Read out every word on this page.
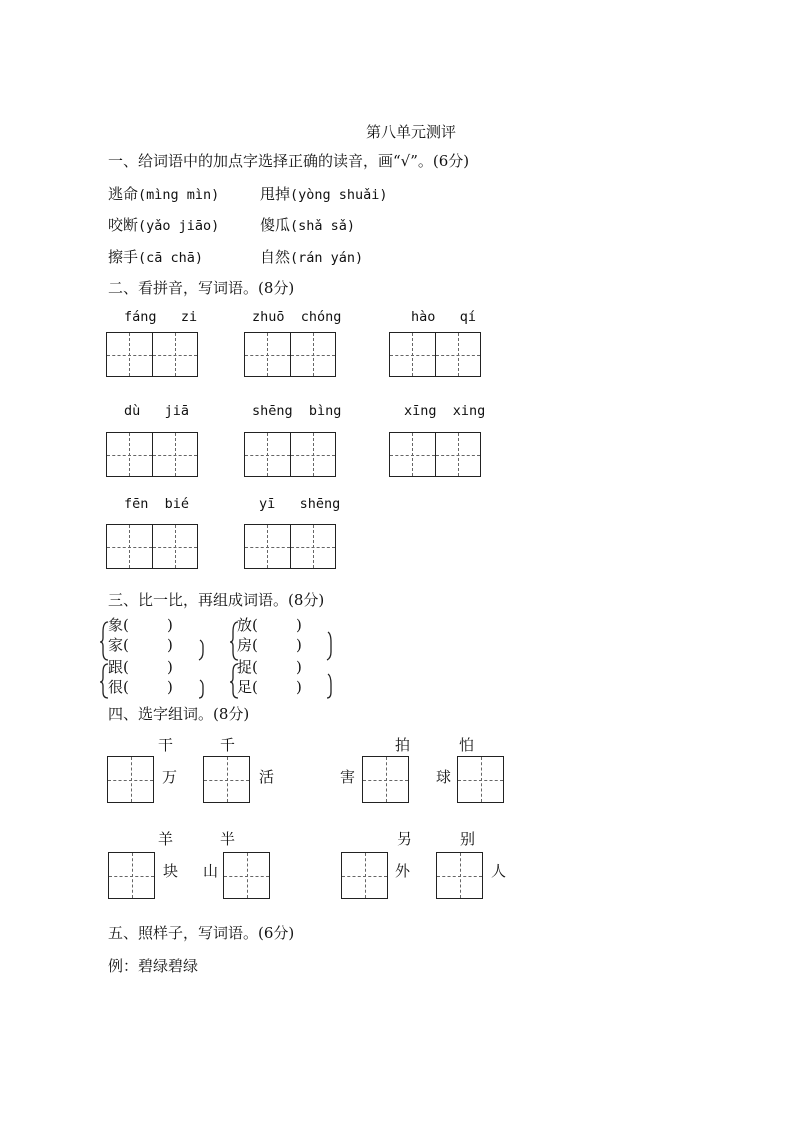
第八单元测评
一、给词语中的加点字选择正确的读音，画“√”。(6分)
逃命(mìng mìn)	甩掉(yòng shuǎi)
咬断(yǎo jiāo)	傻瓜(shǎ sǎ)
擦手(cā chā)	自然(rán yán)
二、看拼音，写词语。(8分)
fáng   zi	zhuō  chóng	hào   qí
dù   jiā	shēng  bìng	xīng  xing
fēn  bié	yī   shēng
三、比一比，再组成词语。(8分)
象(        )	放(        )
家(        )	房(        )
跟(        )	捉(        )
很(        )	足(        )
四、选字组词。(8分)
干	千	拍	怕
万	活	害	球
羊	半	另	别
块 山	外	人
五、照样子，写词语。(6分)
例：碧绿碧绿
